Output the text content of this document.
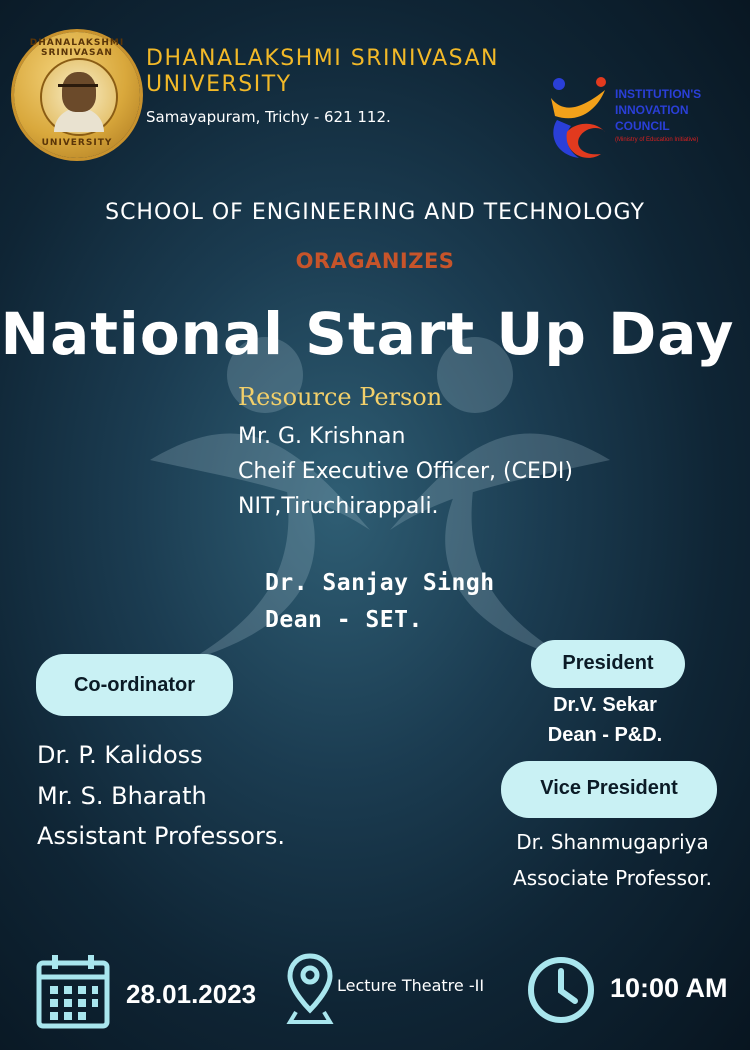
DHANALAKSHMI SRINIVASAN
UNIVERSITY
DHANALAKSHMI SRINIVASAN
UNIVERSITY
Samayapuram, Trichy - 621 112.
INSTITUTION'S
INNOVATION
COUNCIL
(Ministry of Education Initiative)
SCHOOL OF ENGINEERING AND TECHNOLOGY
ORAGANIZES
National Start Up Day
Resource Person
Mr. G. Krishnan
Cheif Executive Officer, (CEDI)
NIT,Tiruchirappali.
Dr. Sanjay Singh
Dean - SET.
Co-ordinator
Dr. P. Kalidoss
Mr. S. Bharath
Assistant Professors.
President
Dr.V. Sekar
Dean - P&D.
Vice President
Dr. Shanmugapriya
Associate Professor.
28.01.2023	Lecture Theatre -II	10:00 AM
